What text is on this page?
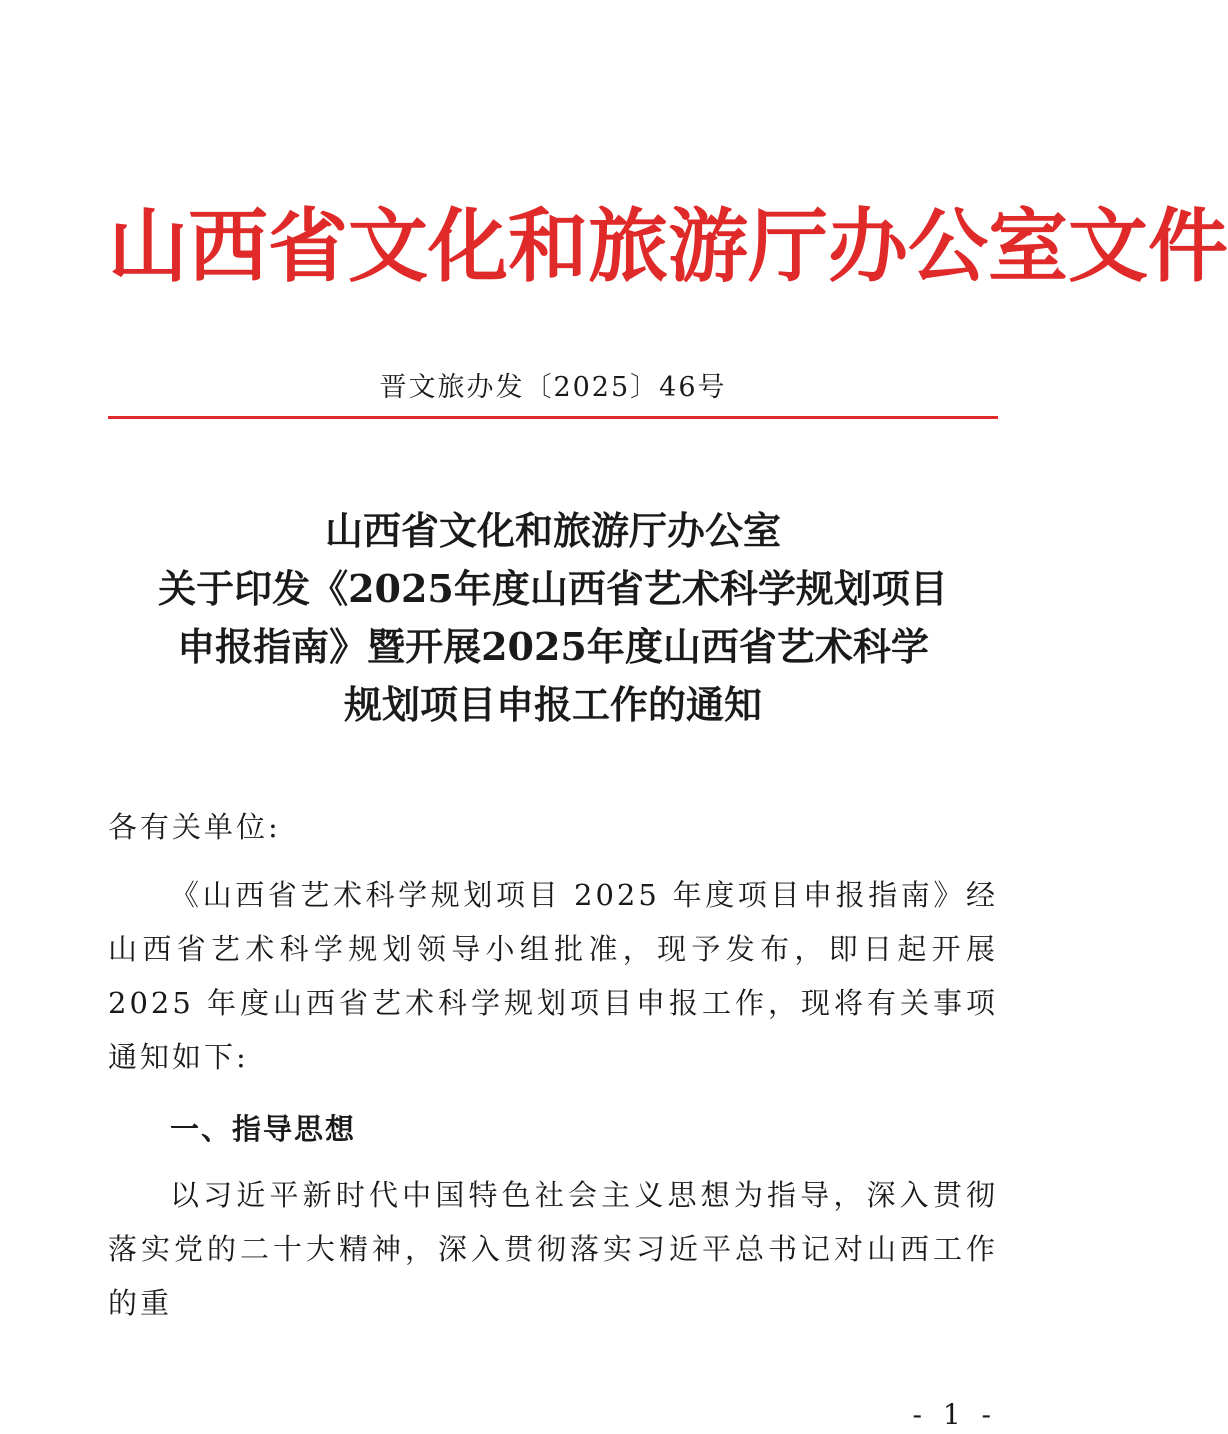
山西省文化和旅游厅办公室文件
晋文旅办发〔2025〕46号
山西省文化和旅游厅办公室
关于印发《2025年度山西省艺术科学规划项目
申报指南》暨开展2025年度山西省艺术科学
规划项目申报工作的通知
各有关单位:
《山西省艺术科学规划项目 2025 年度项目申报指南》经山西省艺术科学规划领导小组批准，现予发布，即日起开展 2025 年度山西省艺术科学规划项目申报工作，现将有关事项通知如下:
一、指导思想
以习近平新时代中国特色社会主义思想为指导，深入贯彻落实党的二十大精神，深入贯彻落实习近平总书记对山西工作的重
- 1 -
